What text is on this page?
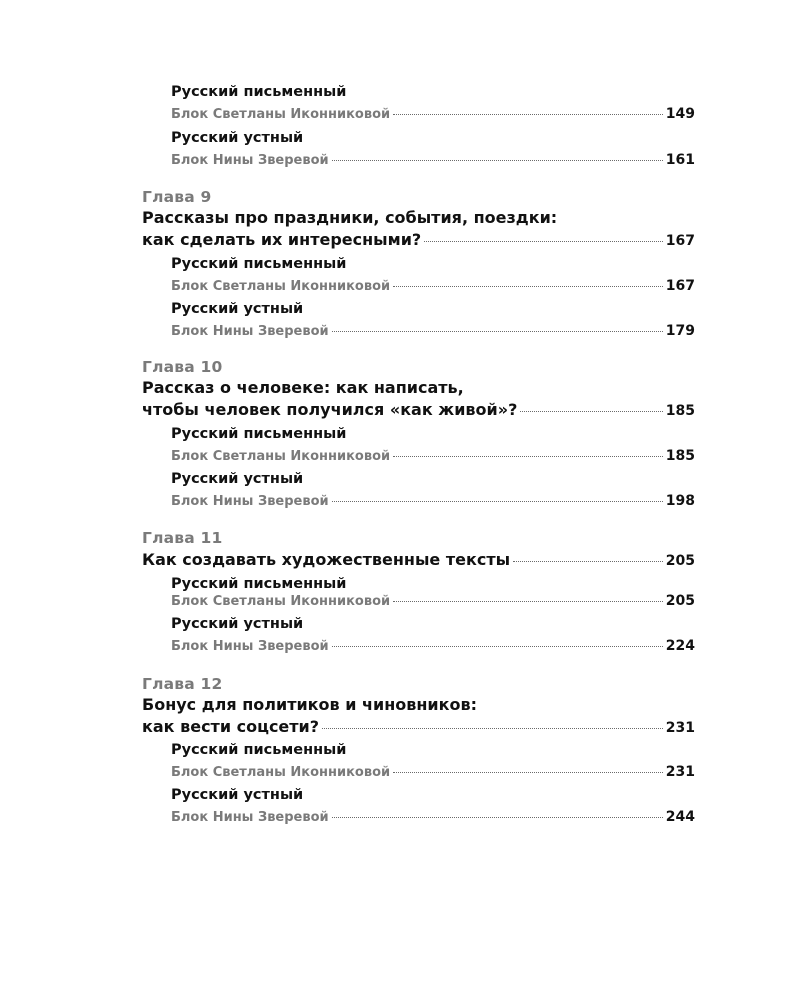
Русский письменный
Блок Светланы Иконниковой	149
Русский устный
Блок Нины Зверевой	161
Глава 9
Рассказы про праздники, события, поездки:
как сделать их интересными?	167
Русский письменный
Блок Светланы Иконниковой	167
Русский устный
Блок Нины Зверевой	179
Глава 10
Рассказ о человеке: как написать,
чтобы человек получился «как живой»?	185
Русский письменный
Блок Светланы Иконниковой	185
Русский устный
Блок Нины Зверевой	198
Глава 11
Как создавать художественные тексты	205
Русский письменный
Блок Светланы Иконниковой	205
Русский устный
Блок Нины Зверевой	224
Глава 12
Бонус для политиков и чиновников:
как вести соцсети?	231
Русский письменный
Блок Светланы Иконниковой	231
Русский устный
Блок Нины Зверевой	244
